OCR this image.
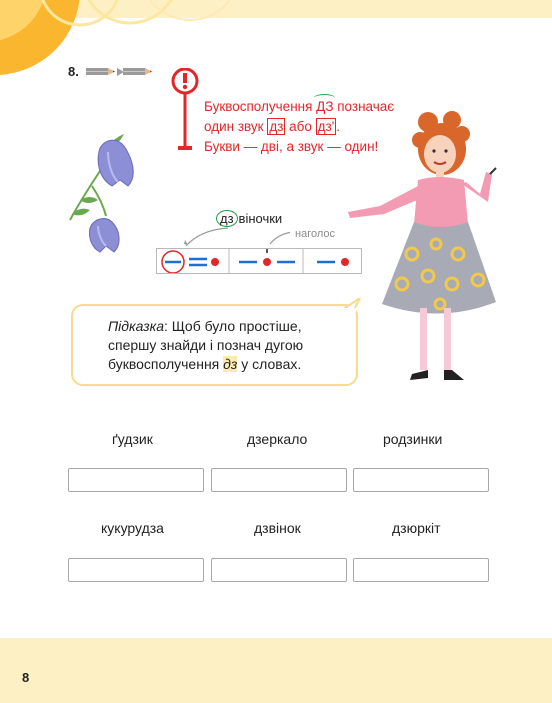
8.

Буквосполучення ДЗ позначає
один звук дз або дз' .
Букви — дві, а звук — один!

дз віночки
наголос

Підказка: Щоб було простіше, спершу знайди і познач дугою буквосполучення дз у словах.

ґудзик	дзеркало	родзинки
кукурудза	дзвінок	дзюркіт
8
